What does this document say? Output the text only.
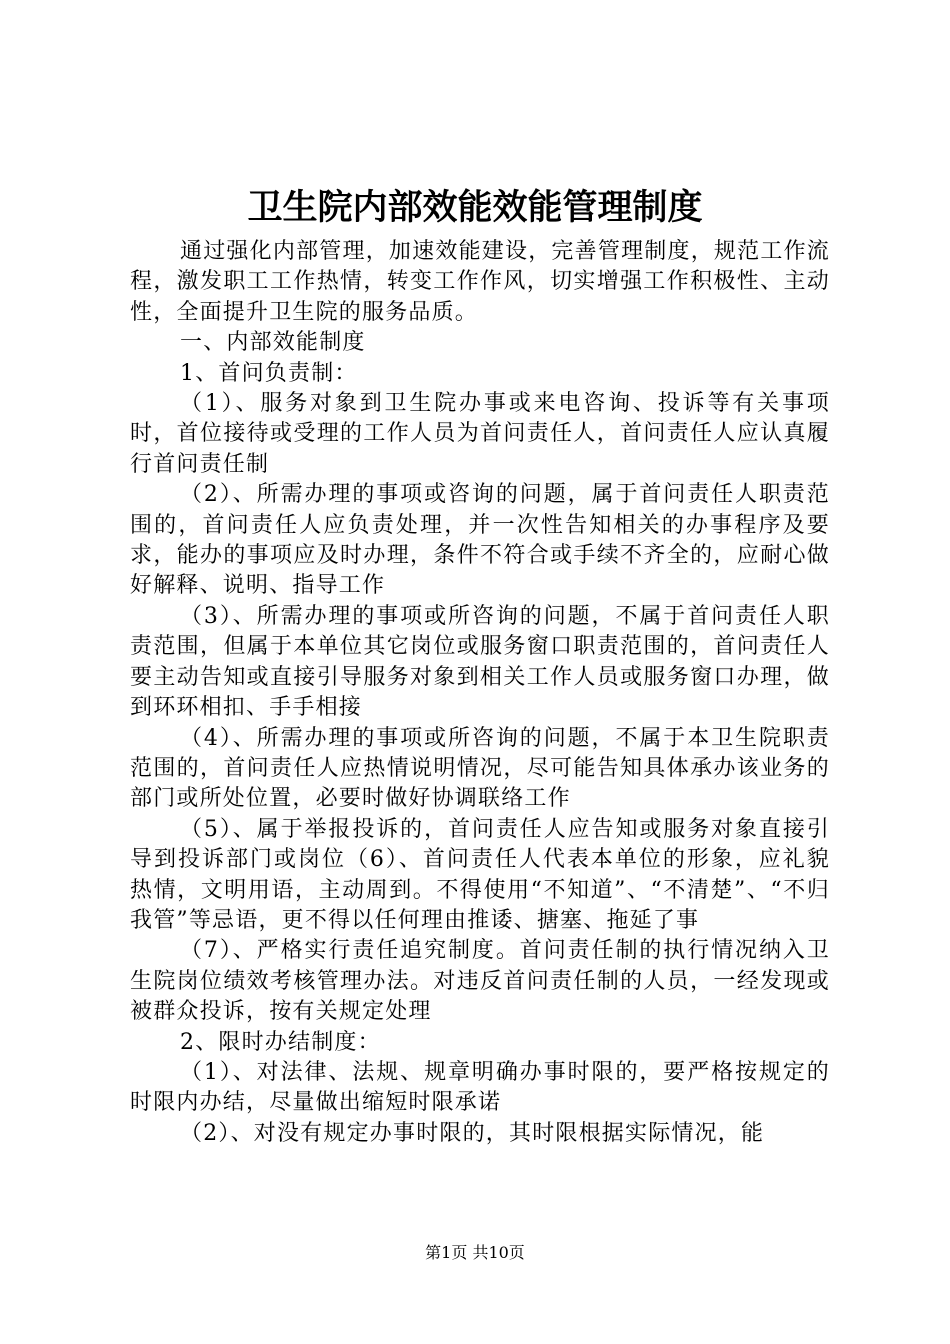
卫生院内部效能效能管理制度

通过强化内部管理，加速效能建设，完善管理制度，规范工作流程，激发职工工作热情，转变工作作风，切实增强工作积极性、主动性，全面提升卫生院的服务品质。

一、内部效能制度

1、首问负责制：

（1）、服务对象到卫生院办事或来电咨询、投诉等有关事项时，首位接待或受理的工作人员为首问责任人，首问责任人应认真履行首问责任制

（2）、所需办理的事项或咨询的问题，属于首问责任人职责范围的，首问责任人应负责处理，并一次性告知相关的办事程序及要求，能办的事项应及时办理，条件不符合或手续不齐全的，应耐心做好解释、说明、指导工作

（3）、所需办理的事项或所咨询的问题，不属于首问责任人职责范围，但属于本单位其它岗位或服务窗口职责范围的，首问责任人要主动告知或直接引导服务对象到相关工作人员或服务窗口办理，做到环环相扣、手手相接

（4）、所需办理的事项或所咨询的问题，不属于本卫生院职责范围的，首问责任人应热情说明情况，尽可能告知具体承办该业务的部门或所处位置，必要时做好协调联络工作

（5）、属于举报投诉的，首问责任人应告知或服务对象直接引导到投诉部门或岗位（6）、首问责任人代表本单位的形象，应礼貌热情，文明用语，主动周到。不得使用“不知道”、“不清楚”、“不归我管”等忌语，更不得以任何理由推诿、搪塞、拖延了事

（7）、严格实行责任追究制度。首问责任制的执行情况纳入卫生院岗位绩效考核管理办法。对违反首问责任制的人员，一经发现或被群众投诉，按有关规定处理

2、限时办结制度：

（1）、对法律、法规、规章明确办事时限的，要严格按规定的时限内办结，尽量做出缩短时限承诺

（2）、对没有规定办事时限的，其时限根据实际情况，能

第1页 共10页
